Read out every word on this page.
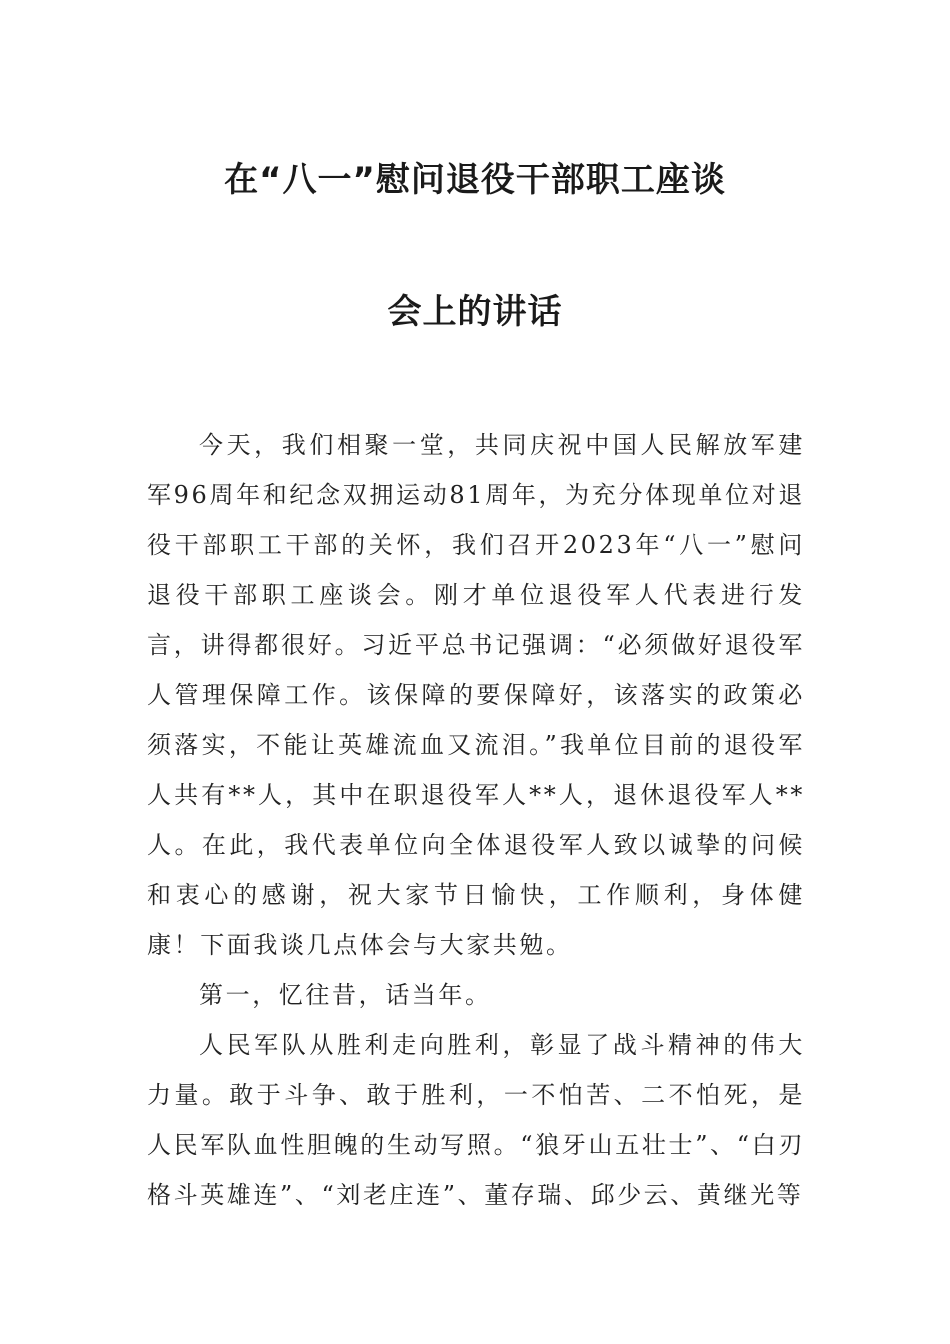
在“八一”慰问退役干部职工座谈
会上的讲话

今天，我们相聚一堂，共同庆祝中国人民解放军建军96周年和纪念双拥运动81周年，为充分体现单位对退役干部职工干部的关怀，我们召开2023年“八一”慰问退役干部职工座谈会。刚才单位退役军人代表进行发言，讲得都很好。习近平总书记强调：“必须做好退役军人管理保障工作。该保障的要保障好，该落实的政策必须落实，不能让英雄流血又流泪。”我单位目前的退役军人共有**人，其中在职退役军人**人，退休退役军人**人。在此，我代表单位向全体退役军人致以诚挚的问候和衷心的感谢，祝大家节日愉快，工作顺利，身体健康！下面我谈几点体会与大家共勉。

第一，忆往昔，话当年。

人民军队从胜利走向胜利，彰显了战斗精神的伟大力量。敢于斗争、敢于胜利，一不怕苦、二不怕死，是人民军队血性胆魄的生动写照。“狼牙山五壮士”、“白刃格斗英雄连”、“刘老庄连”、董存瑞、邱少云、黄继光等
